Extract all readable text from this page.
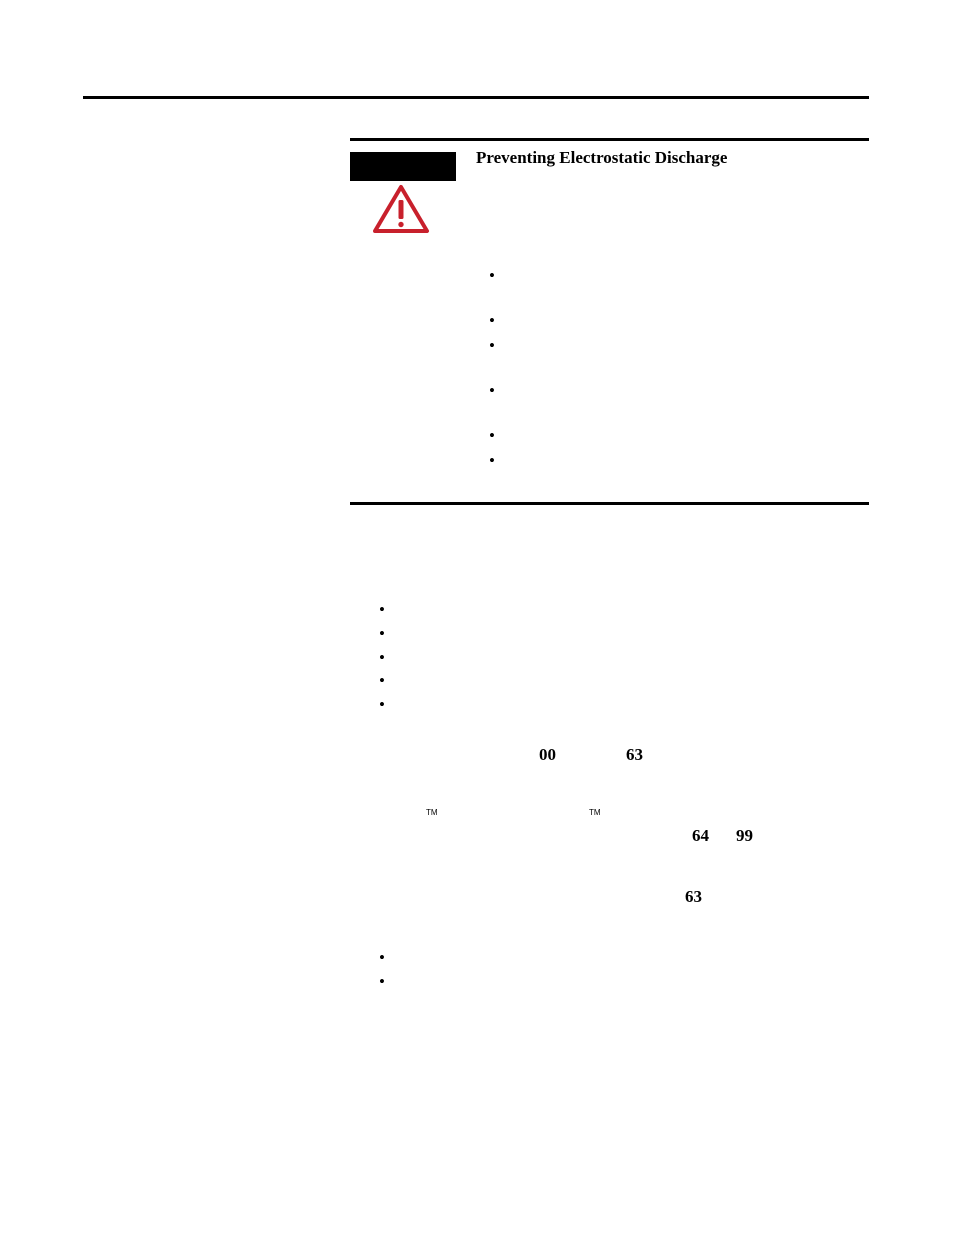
Preventing Electrostatic Discharge
•
•
•
•
•
•
•
•
•
•
•
00	63
TM	TM
64 99
63
•
•
